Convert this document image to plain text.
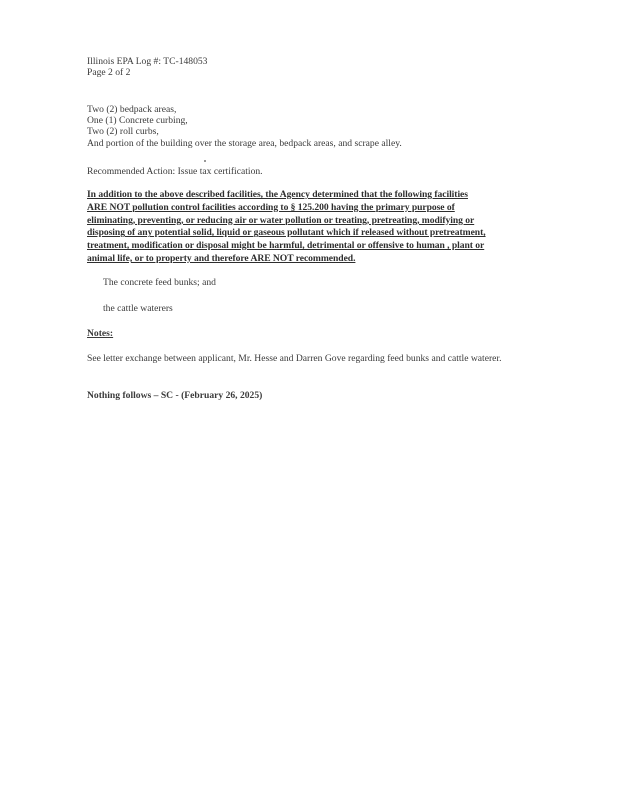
Illinois EPA Log #: TC-148053
Page 2 of 2
Two (2) bedpack areas,
One (1) Concrete curbing,
Two (2) roll curbs,
And portion of the building over the storage area, bedpack areas, and scrape alley.
Recommended Action: Issue tax certification.
In addition to the above described facilities, the Agency determined that the following facilities
ARE NOT pollution control facilities according to § 125.200 having the primary purpose of
eliminating, preventing, or reducing air or water pollution or treating, pretreating, modifying or
disposing of any potential solid, liquid or gaseous pollutant which if released without pretreatment,
treatment, modification or disposal might be harmful, detrimental or offensive to human , plant or
animal life, or to property and therefore ARE NOT recommended.
The concrete feed bunks; and
the cattle waterers
Notes:
See letter exchange between applicant, Mr. Hesse and Darren Gove regarding feed bunks and cattle waterer.
Nothing follows – SC - (February 26, 2025)
